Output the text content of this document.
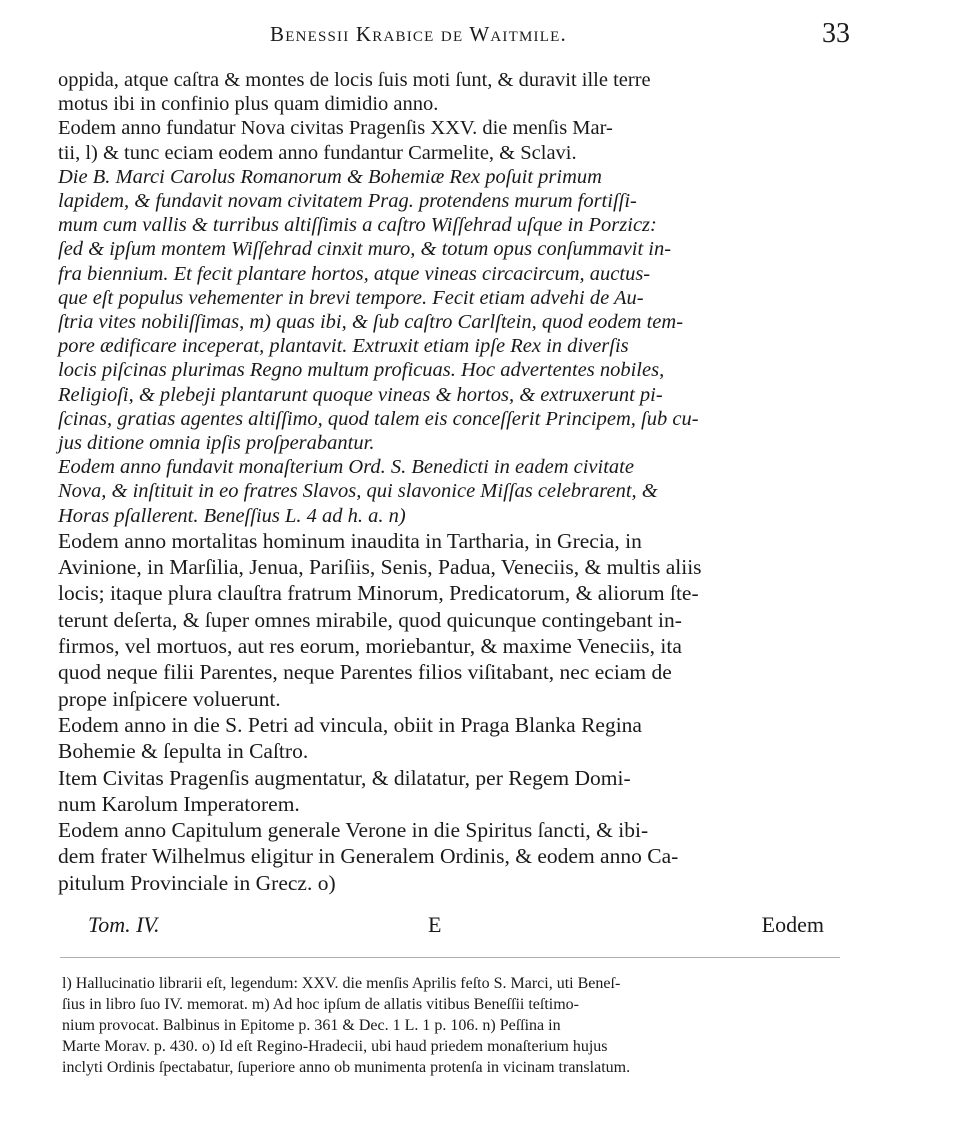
Benessii Krabice de Waitmile.	33
oppida, atque caſtra & montes de locis ſuis moti ſunt, & duravit ille terre
motus ibi in confinio plus quam dimidio anno.
Eodem anno fundatur Nova civitas Pragenſis XXV. die menſis Mar-
tii, l) & tunc eciam eodem anno fundantur Carmelite, & Sclavi.
Die B. Marci Carolus Romanorum & Bohemiæ Rex poſuit primum
lapidem, & fundavit novam civitatem Prag. protendens murum fortiſſi-
mum cum vallis & turribus altiſſimis a caſtro Wiſſehrad uſque in Porzicz:
ſed & ipſum montem Wiſſehrad cinxit muro, & totum opus conſummavit in-
fra biennium. Et fecit plantare hortos, atque vineas circacircum, auctus-
que eſt populus vehementer in brevi tempore. Fecit etiam advehi de Au-
ſtria vites nobiliſſimas, m) quas ibi, & ſub caſtro Carlſtein, quod eodem tem-
pore ædificare inceperat, plantavit. Extruxit etiam ipſe Rex in diverſis
locis piſcinas plurimas Regno multum proficuas. Hoc advertentes nobiles,
Religioſi, & plebeji plantarunt quoque vineas & hortos, & extruxerunt pi-
ſcinas, gratias agentes altiſſimo, quod talem eis conceſſerit Principem, ſub cu-
jus ditione omnia ipſis proſperabantur.
Eodem anno fundavit monaſterium Ord. S. Benedicti in eadem civitate
Nova, & inſtituit in eo fratres Slavos, qui slavonice Miſſas celebrarent, &
Horas pſallerent. Beneſſius L. 4 ad h. a. n)
Eodem anno mortalitas hominum inaudita in Tartharia, in Grecia, in
Avinione, in Marſilia, Jenua, Pariſiis, Senis, Padua, Veneciis, & multis aliis
locis; itaque plura clauſtra fratrum Minorum, Predicatorum, & aliorum ſte-
terunt deſerta, & ſuper omnes mirabile, quod quicunque contingebant in-
firmos, vel mortuos, aut res eorum, moriebantur, & maxime Veneciis, ita
quod neque filii Parentes, neque Parentes filios viſitabant, nec eciam de
prope inſpicere voluerunt.
Eodem anno in die S. Petri ad vincula, obiit in Praga Blanka Regina
Bohemie & ſepulta in Caſtro.
Item Civitas Pragenſis augmentatur, & dilatatur, per Regem Domi-
num Karolum Imperatorem.
Eodem anno Capitulum generale Verone in die Spiritus ſancti, & ibi-
dem frater Wilhelmus eligitur in Generalem Ordinis, & eodem anno Ca-
pitulum Provinciale in Grecz. o)
Tom. IV.	E	Eodem
l) Hallucinatio librarii eſt, legendum: XXV. die menſis Aprilis feſto S. Marci, uti Beneſ-
ſius in libro ſuo IV. memorat. m) Ad hoc ipſum de allatis vitibus Beneſſii teſtimo-
nium provocat. Balbinus in Epitome p. 361 & Dec. 1 L. 1 p. 106. n) Peſſina in
Marte Morav. p. 430. o) Id eſt Regino-Hradecii, ubi haud priedem monaſterium hujus
inclyti Ordinis ſpectabatur, ſuperiore anno ob munimenta protenſa in vicinam translatum.
